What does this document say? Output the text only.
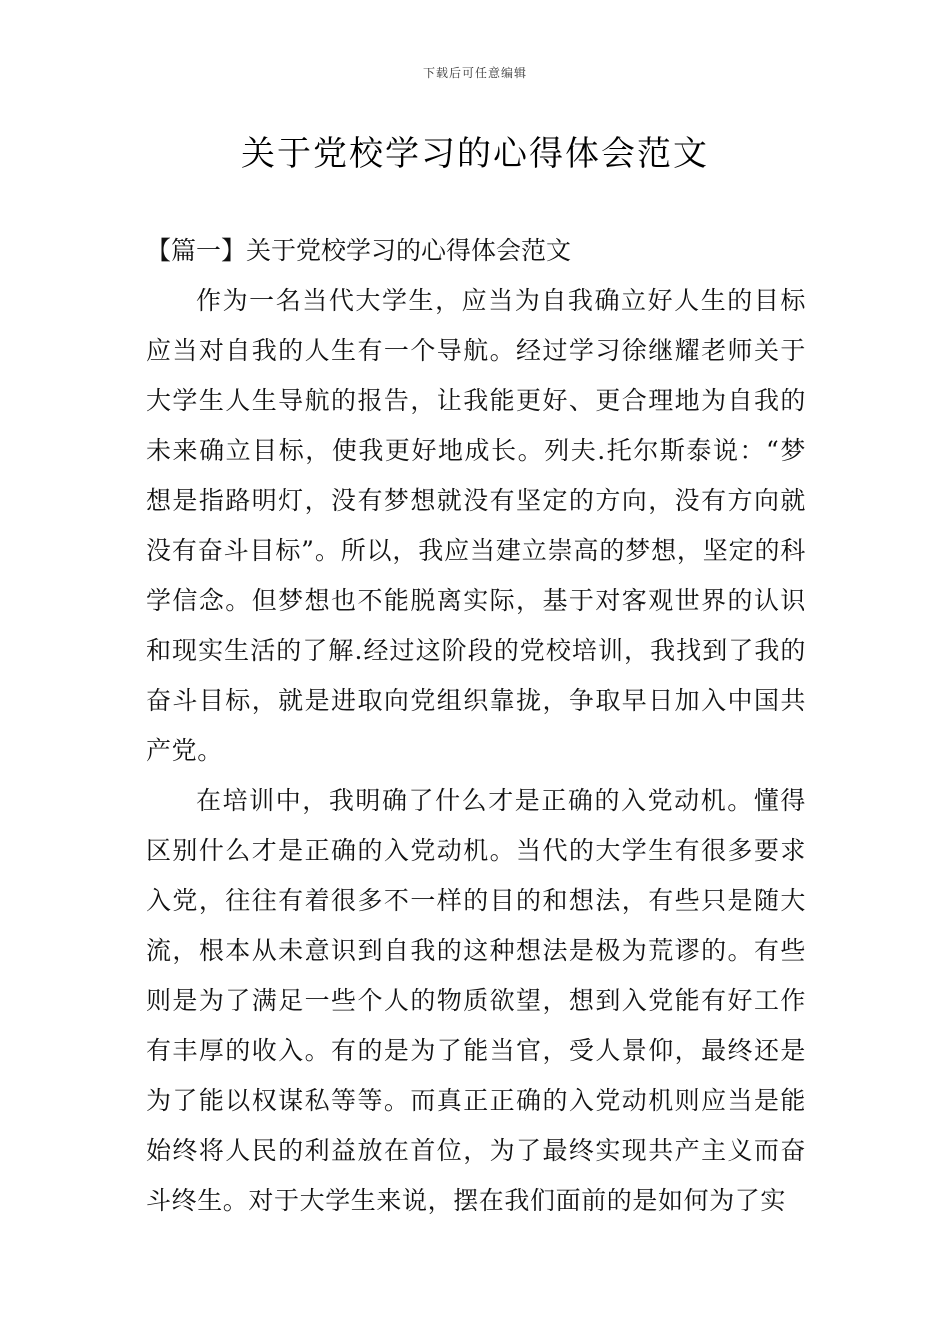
下载后可任意编辑
关于党校学习的心得体会范文

【篇一】关于党校学习的心得体会范文

作为一名当代大学生，应当为自我确立好人生的目标应当对自我的人生有一个导航。经过学习徐继耀老师关于大学生人生导航的报告，让我能更好、更合理地为自我的未来确立目标，使我更好地成长。列夫.托尔斯泰说：“梦想是指路明灯，没有梦想就没有坚定的方向，没有方向就没有奋斗目标”。所以，我应当建立崇高的梦想，坚定的科学信念。但梦想也不能脱离实际，基于对客观世界的认识和现实生活的了解.经过这阶段的党校培训，我找到了我的奋斗目标，就是进取向党组织靠拢，争取早日加入中国共产党。

在培训中，我明确了什么才是正确的入党动机。懂得区别什么才是正确的入党动机。当代的大学生有很多要求入党，往往有着很多不一样的目的和想法，有些只是随大流，根本从未意识到自我的这种想法是极为荒谬的。有些则是为了满足一些个人的物质欲望，想到入党能有好工作有丰厚的收入。有的是为了能当官，受人景仰，最终还是为了能以权谋私等等。而真正正确的入党动机则应当是能始终将人民的利益放在首位，为了最终实现共产主义而奋斗终生。对于大学生来说，摆在我们面前的是如何为了实
